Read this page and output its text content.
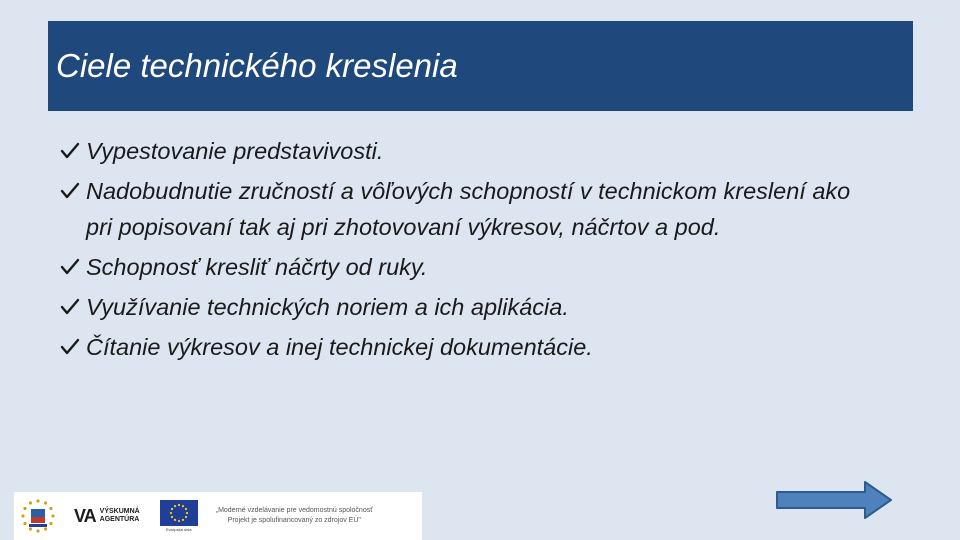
Ciele technického kreslenia
Vypestovanie predstavivosti.
Nadobudnutie zručností a vôľových schopností v technickom kreslení ako pri popisovaní tak aj pri zhotovovaní výkresov, náčrtov a pod.
Schopnosť kresliť náčrty od ruky.
Využívanie technických noriem a ich aplikácia.
Čítanie výkresov a inej technickej dokumentácie.
VA VÝSKUMNÁ
AGENTÚRA
Európska únia
„Moderné vzdelávanie pre vedomostnú spoločnosť
Projekt je spolufinancovaný zo zdrojov EÚ"
